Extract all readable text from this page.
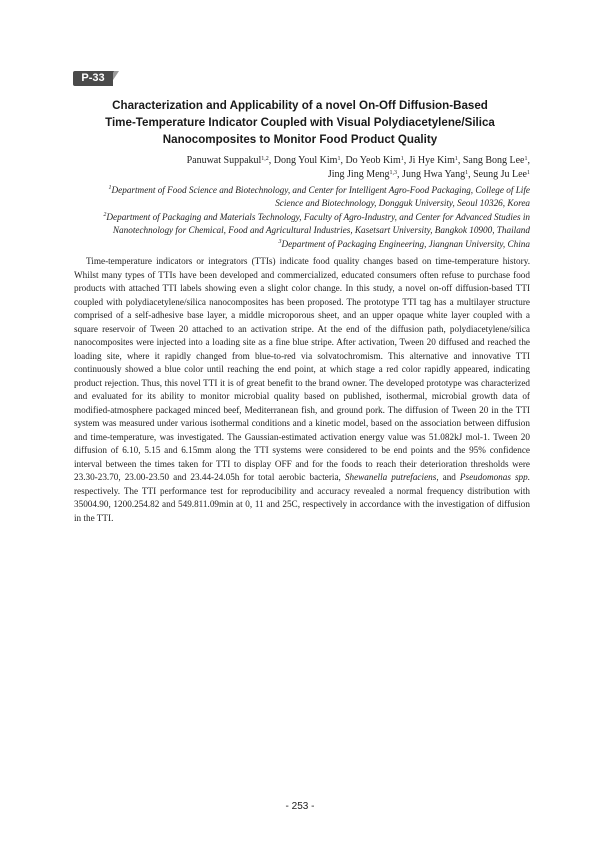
P-33
Characterization and Applicability of a novel On-Off Diffusion-Based
Time-Temperature Indicator Coupled with Visual Polydiacetylene/Silica
Nanocomposites to Monitor Food Product Quality
Panuwat Suppakul$^{1,2}$, Dong Youl Kim$^1$, Do Yeob Kim$^1$, Ji Hye Kim$^1$, Sang Bong Lee$^1$,
Jing Jing Meng$^{1,3}$, Jung Hwa Yang$^1$, Seung Ju Lee$^1$
$^1$Department of Food Science and Biotechnology, and Center for Intelligent Agro-Food Packaging, College of Life
Science and Biotechnology, Dongguk University, Seoul 10326, Korea
$^2$Department of Packaging and Materials Technology, Faculty of Agro-Industry, and Center for Advanced Studies in
Nanotechnology for Chemical, Food and Agricultural Industries, Kasetsart University, Bangkok 10900, Thailand
$^3$Department of Packaging Engineering, Jiangnan University, China

Time-temperature indicators or integrators (TTIs) indicate food quality changes based on time-temperature history. Whilst many types of TTIs have been developed and commercialized, educated consumers often refuse to purchase food products with attached TTI labels showing even a slight color change. In this study, a novel on-off diffusion-based TTI coupled with polydiacetylene/silica nanocomposites has been proposed. The prototype TTI tag has a multilayer structure comprised of a self-adhesive base layer, a middle microporous sheet, and an upper opaque white layer coupled with a square reservoir of Tween 20 attached to an activation stripe. At the end of the diffusion path, polydiacetylene/silica nanocomposites were injected into a loading site as a fine blue stripe. After activation, Tween 20 diffused and reached the loading site, where it rapidly changed from blue-to-red via solvatochromism. This alternative and innovative TTI continuously showed a blue color until reaching the end point, at which stage a red color rapidly appeared, indicating product rejection. Thus, this novel TTI it is of great benefit to the brand owner. The developed prototype was characterized and evaluated for its ability to monitor microbial quality based on published, isothermal, microbial growth data of modified-atmosphere packaged minced beef, Mediterranean fish, and ground pork. The diffusion of Tween 20 in the TTI system was measured under various isothermal conditions and a kinetic model, based on the association between diffusion and time-temperature, was investigated. The Gaussian-estimated activation energy value was 51.082kJ mol-1. Tween 20 diffusion of 6.10, 5.15 and 6.15mm along the TTI systems were considered to be end points and the 95% confidence interval between the times taken for TTI to display OFF and for the foods to reach their deterioration thresholds were 23.30-23.70, 23.00-23.50 and 23.44-24.05h for total aerobic bacteria, Shewanella putrefaciens, and Pseudomonas spp. respectively. The TTI performance test for reproducibility and accuracy revealed a normal frequency distribution with 35004.90, 1200.254.82 and 549.811.09min at 0, 11 and 25C, respectively in accordance with the investigation of diffusion in the TTI.

- 253 -
